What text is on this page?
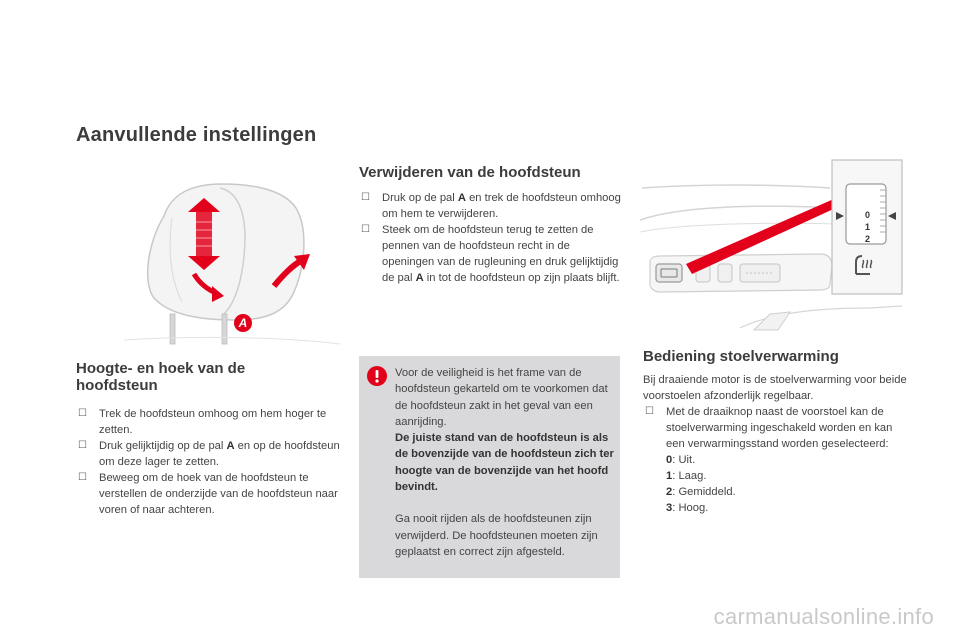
Aanvullende instellingen
A
Hoogte- en hoek van de
hoofdsteun
☐ Trek de hoofdsteun omhoog om hem hoger te zetten.
☐ Druk gelijktijdig op de pal A en op de hoofdsteun om deze lager te zetten.
☐ Beweeg om de hoek van de hoofdsteun te verstellen de onderzijde van de hoofdsteun naar voren of naar achteren.
Verwijderen van de hoofdsteun
☐ Druk op de pal A en trek de hoofdsteun omhoog om hem te verwijderen.
☐ Steek om de hoofdsteun terug te zetten de pennen van de hoofdsteun recht in de openingen van de rugleuning en druk gelijktijdig de pal A in tot de hoofdsteun op zijn plaats blijft.

Voor de veiligheid is het frame van de hoofdsteun gekarteld om te voorkomen dat de hoofdsteun zakt in het geval van een aanrijding.

De juiste stand van de hoofdsteun is als de bovenzijde van de hoofdsteun zich ter hoogte van de bovenzijde van het hoofd bevindt.

Ga nooit rijden als de hoofdsteunen zijn verwijderd. De hoofdsteunen moeten zijn geplaatst en correct zijn afgesteld.

0
1
2
Bediening stoelverwarming

Bij draaiende motor is de stoelverwarming voor beide voorstoelen afzonderlijk regelbaar.

☐ Met de draaiknop naast de voorstoel kan de stoelverwarming ingeschakeld worden en kan een verwarmingsstand worden geselecteerd:
0: Uit.
1: Laag.
2: Gemiddeld.
3: Hoog.
carmanualsonline.info
